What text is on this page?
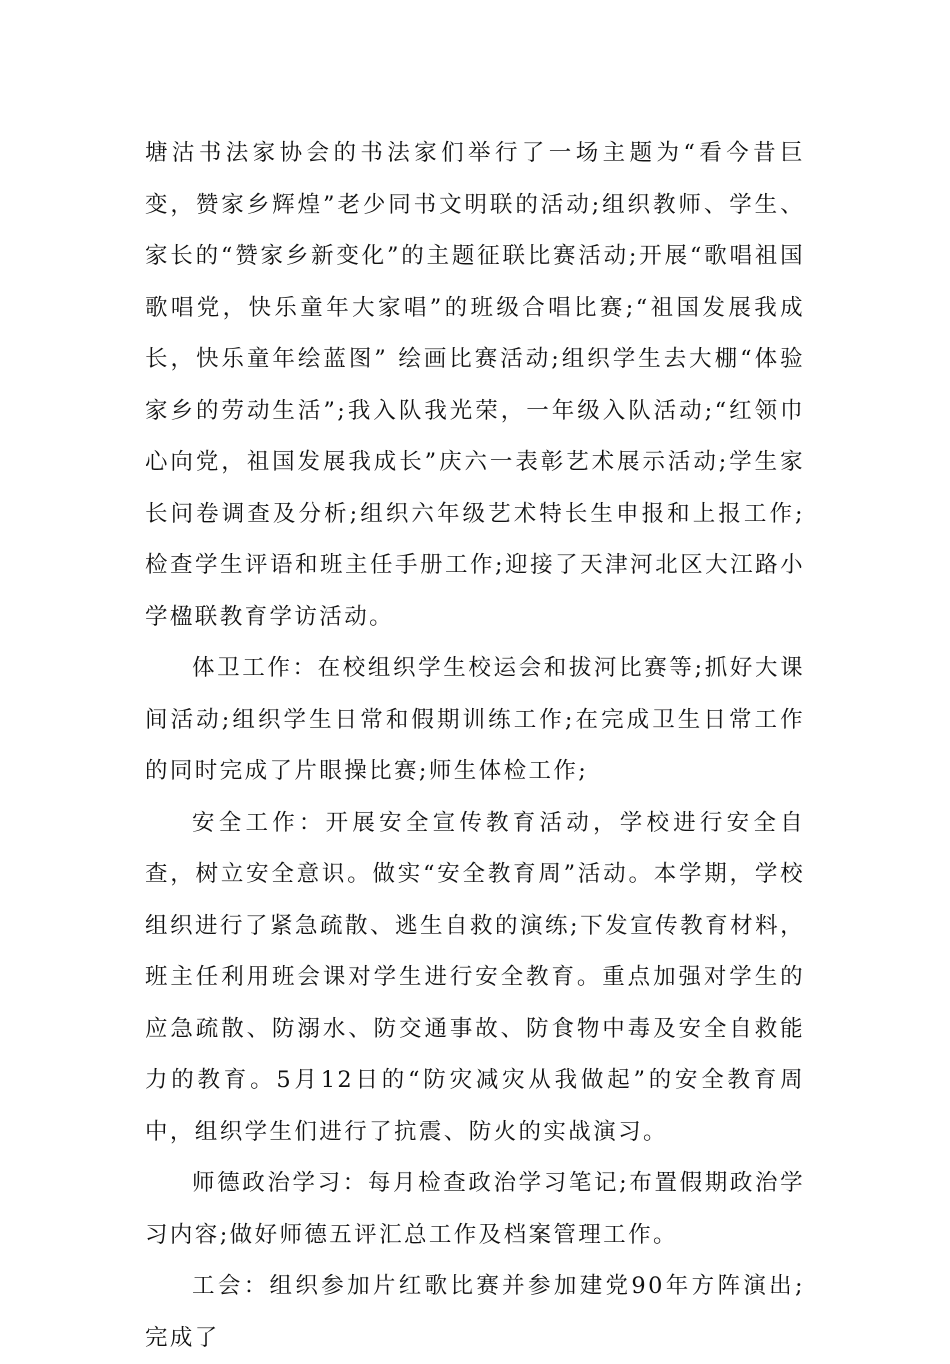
塘沽书法家协会的书法家们举行了一场主题为“看今昔巨变，赞家乡辉煌”老少同书文明联的活动;组织教师、学生、家长的“赞家乡新变化”的主题征联比赛活动;开展“歌唱祖国歌唱党，快乐童年大家唱”的班级合唱比赛;“祖国发展我成长，快乐童年绘蓝图” 绘画比赛活动;组织学生去大棚“体验家乡的劳动生活”;我入队我光荣，一年级入队活动;“红领巾心向党，祖国发展我成长”庆六一表彰艺术展示活动;学生家长问卷调查及分析;组织六年级艺术特长生申报和上报工作;检查学生评语和班主任手册工作;迎接了天津河北区大江路小学楹联教育学访活动。

体卫工作：在校组织学生校运会和拔河比赛等;抓好大课间活动;组织学生日常和假期训练工作;在完成卫生日常工作的同时完成了片眼操比赛;师生体检工作;

安全工作：开展安全宣传教育活动，学校进行安全自查，树立安全意识。做实“安全教育周”活动。本学期，学校组织进行了紧急疏散、逃生自救的演练;下发宣传教育材料，班主任利用班会课对学生进行安全教育。重点加强对学生的应急疏散、防溺水、防交通事故、防食物中毒及安全自救能力的教育。5月12日的“防灾减灾从我做起”的安全教育周中，组织学生们进行了抗震、防火的实战演习。

师德政治学习：每月检查政治学习笔记;布置假期政治学习内容;做好师德五评汇总工作及档案管理工作。

工会：组织参加片红歌比赛并参加建党90年方阵演出;完成了
